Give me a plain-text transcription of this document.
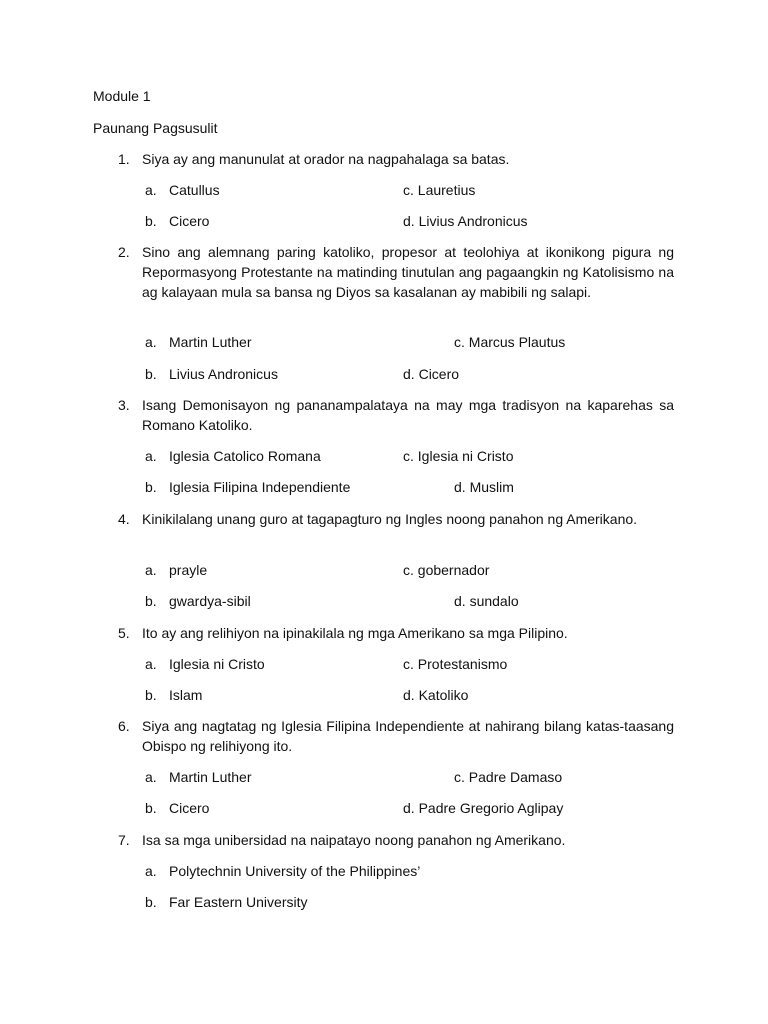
Module 1
Paunang Pagsusulit
1. Siya ay ang manunulat at orador na nagpahalaga sa batas.
a. Catullus	c. Lauretius
b. Cicero	d. Livius Andronicus
2. Sino ang alemnang paring katoliko, propesor at teolohiya at ikonikong pigura ng Repormasyong Protestante na matinding tinutulan ang pagaangkin ng Katolisismo na ag kalayaan mula sa bansa ng Diyos sa kasalanan ay mabibili ng salapi.
a. Martin Luther	c. Marcus Plautus
b. Livius Andronicus	d. Cicero
3. Isang Demonisayon ng pananampalataya na may mga tradisyon na kaparehas sa Romano Katoliko.
a. Iglesia Catolico Romana	c. Iglesia ni Cristo
b. Iglesia Filipina Independiente	d. Muslim
4. Kinikilalang unang guro at tagapagturo ng Ingles noong panahon ng Amerikano.
a. prayle	c. gobernador
b. gwardya-sibil	d. sundalo
5. Ito ay ang relihiyon na ipinakilala ng mga Amerikano sa mga Pilipino.
a. Iglesia ni Cristo	c. Protestanismo
b. Islam	d. Katoliko
6. Siya ang nagtatag ng Iglesia Filipina Independiente at nahirang bilang katas-taasang Obispo ng relihiyong ito.
a. Martin Luther	c. Padre Damaso
b. Cicero	d. Padre Gregorio Aglipay
7. Isa sa mga unibersidad na naipatayo noong panahon ng Amerikano.
a. Polytechnin University of the Philippines’
b. Far Eastern University
